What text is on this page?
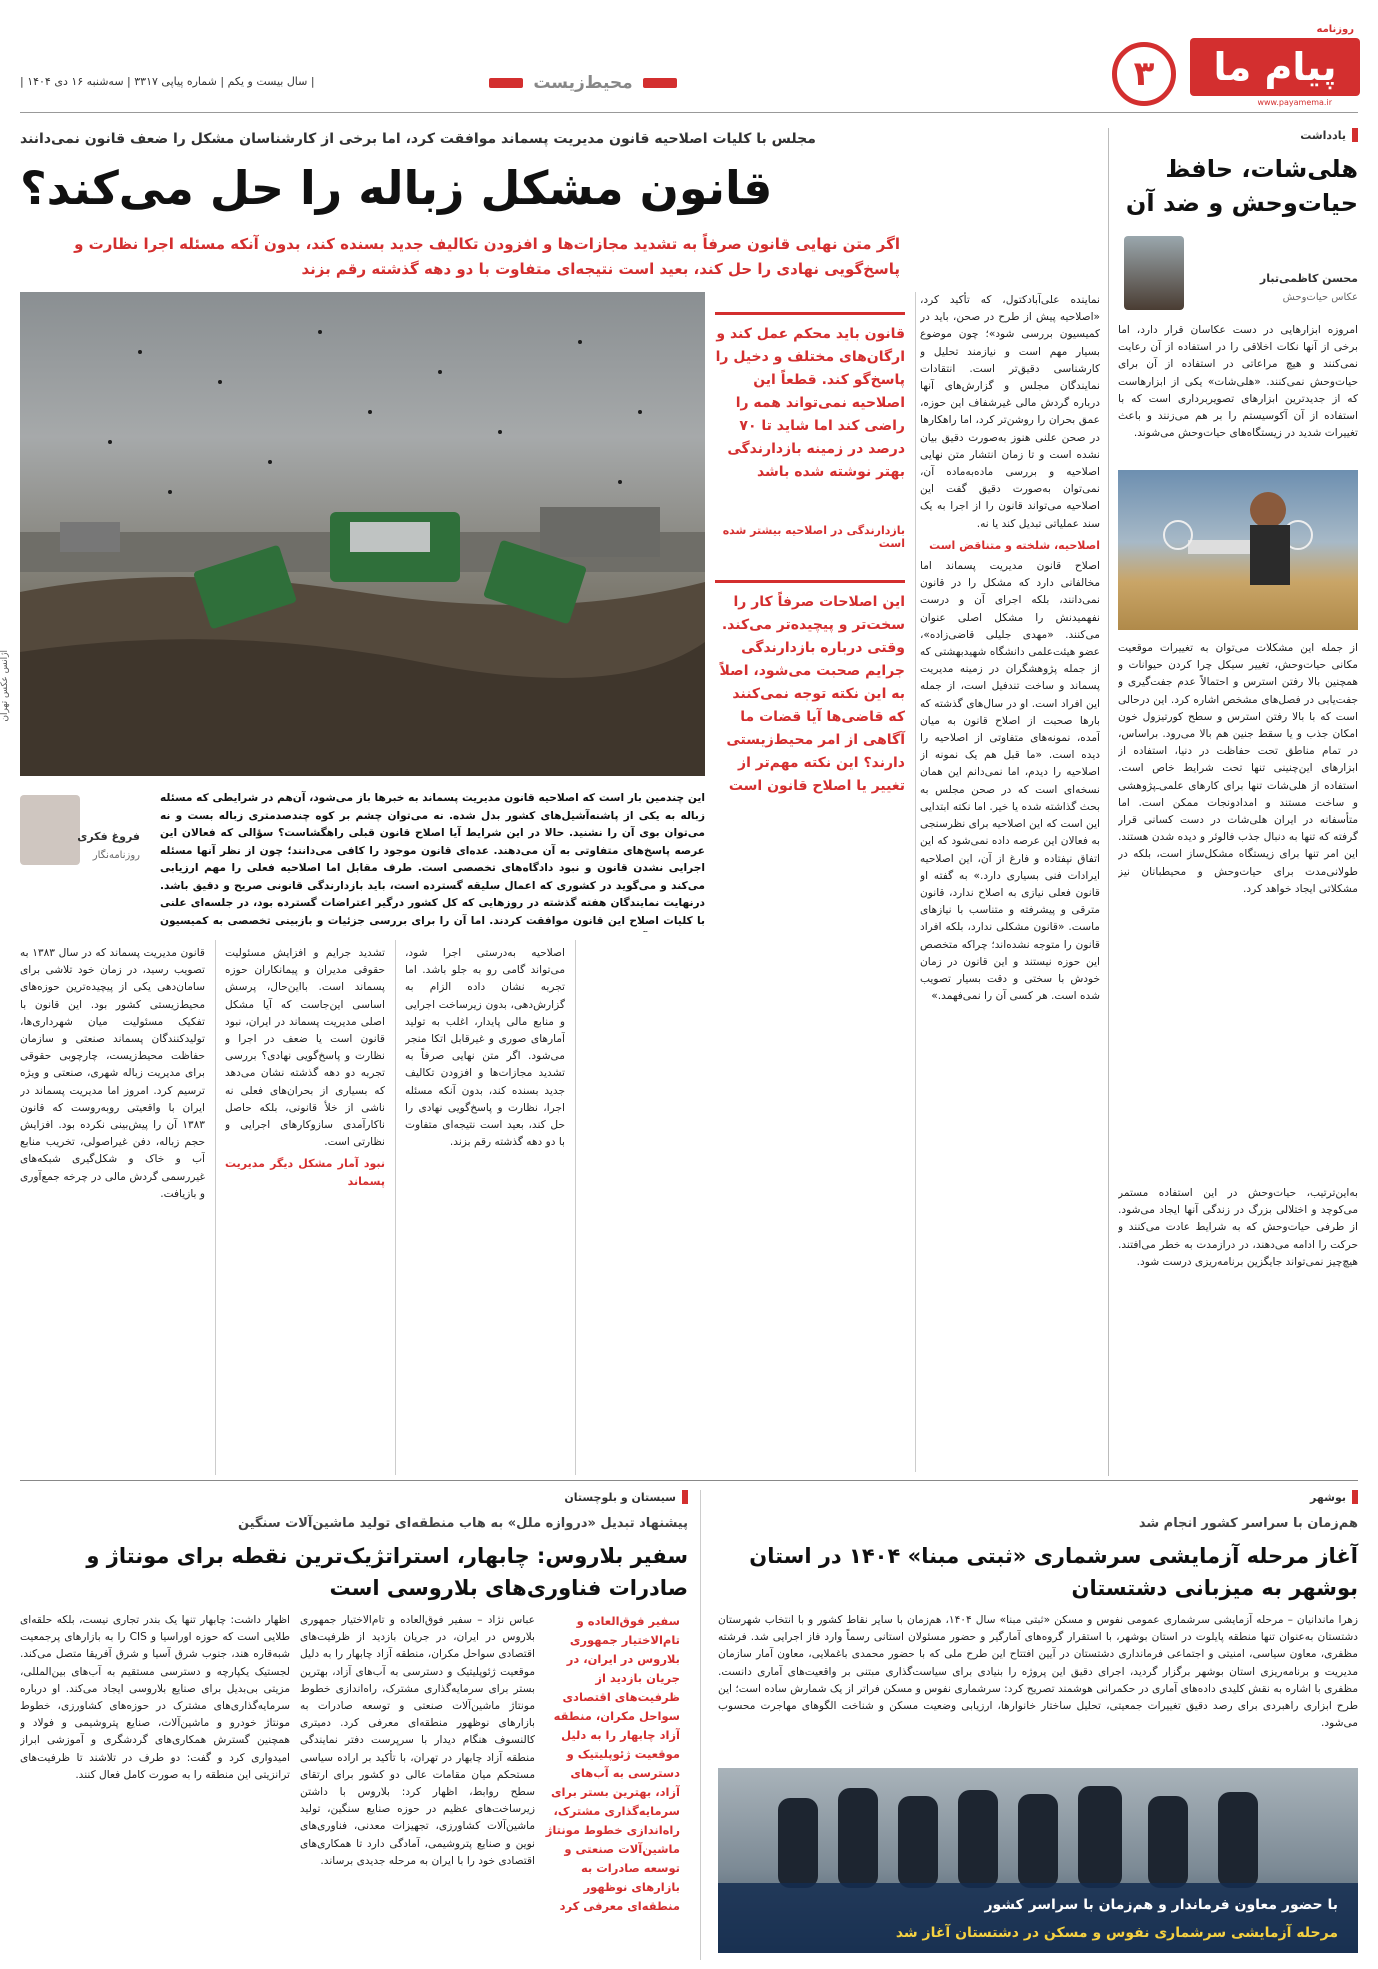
پیام ما
روزنامه
www.payamema.ir
۳
محیط‌زیست
| سال بیست و یکم | شماره پیاپی ۳۳۱۷ | سه‌شنبه ۱۶ دی ۱۴۰۴ |
مجلس با کلیات اصلاحیه قانون مدیریت پسماند موافقت کرد، اما برخی از کارشناسان مشکل را ضعف قانون نمی‌دانند
قانون مشکل زباله را حل می‌کند؟
اگر متن نهایی قانون صرفاً به تشدید مجازات‌ها و افزودن تکالیف جدید بسنده کند، بدون آنکه مسئله اجرا نظارت و پاسخ‌گویی نهادی را حل کند، بعید است نتیجه‌ای متفاوت با دو دهه گذشته رقم بزند
آژانس عکس تهران
فروغ فکری
روزنامه‌نگار
این چندمین بار است که اصلاحیه قانون مدیریت پسماند به خبرها باز می‌شود، آن‌هم در شرایطی که مسئله زباله به یکی از پاشنه‌آشیل‌های کشور بدل شده. نه می‌توان چشم بر کوه چندصدمتری زباله بست و نه می‌توان بوی آن را نشنید. حالا در این شرایط آیا اصلاح قانون قبلی راهگشاست؟ سؤالی که فعالان این عرصه پاسخ‌های متفاوتی به آن می‌دهند. عده‌ای قانون موجود را کافی می‌دانند؛ چون از نظر آنها مسئله اجرایی نشدن قانون و نبود دادگاه‌های تخصصی است. طرف مقابل اما اصلاحیه فعلی را مهم ارزیابی می‌کند و می‌گوید در کشوری که اعمال سلیقه گسترده است، باید بازدارندگی قانونی صریح و دقیق باشد. درنهایت نمایندگان هفته گذشته در روزهایی که کل کشور درگیر اعتراضات گسترده بود، در جلسه‌ای علنی با کلیات اصلاح این قانون موافقت کردند. اما آن را برای بررسی جزئیات و بازبینی تخصصی به کمیسیون
قانون مدیریت پسماند که در سال ۱۳۸۳ به تصویب رسید، در زمان خود تلاشی برای سامان‌دهی یکی از پیچیده‌ترین حوزه‌های محیط‌زیستی کشور بود. این قانون با تفکیک مسئولیت میان شهرداری‌ها، تولیدکنندگان پسماند صنعتی و سازمان حفاظت محیط‌زیست، چارچوبی حقوقی برای مدیریت زباله شهری، صنعتی و ویژه ترسیم کرد. امروز اما مدیریت پسماند در ایران با واقعیتی روبه‌روست که قانون ۱۳۸۳ آن را پیش‌بینی نکرده بود. افزایش حجم زباله، دفن غیراصولی، تخریب منابع آب و خاک و شکل‌گیری شبکه‌های غیررسمی گردش مالی در چرخه جمع‌آوری و بازیافت.

تشدید جرایم و افزایش مسئولیت حقوقی مدیران و پیمانکاران حوزه پسماند است. بااین‌حال، پرسش اساسی این‌جاست که آیا مشکل اصلی مدیریت پسماند در ایران، نبود قانون است یا ضعف در اجرا و نظارت و پاسخ‌گویی نهادی؟ بررسی تجربه دو دهه گذشته نشان می‌دهد که بسیاری از بحران‌های فعلی نه ناشی از خلأ قانونی، بلکه حاصل ناکارآمدی سازوکارهای اجرایی و نظارتی است.

نبود آمار مشکل دیگر مدیریت پسماند
اصلاحیه به‌درستی اجرا شود، می‌تواند گامی رو به جلو باشد. اما تجربه نشان داده الزام به گزارش‌دهی، بدون زیرساخت اجرایی و منابع مالی پایدار، اغلب به تولید آمارهای صوری و غیرقابل اتکا منجر می‌شود. اگر متن نهایی صرفاً به تشدید مجازات‌ها و افزودن تکالیف جدید بسنده کند، بدون آنکه مسئله اجرا، نظارت و پاسخ‌گویی نهادی را حل کند، بعید است نتیجه‌ای متفاوت با دو دهه گذشته رقم بزند.
یادداشت
هلی‌شات، حافظ حیات‌وحش و ضد آن
محسن کاظمی‌تبار
عکاس حیات‌وحش
امروزه ابزارهایی در دست عکاسان قرار دارد، اما برخی از آنها نکات اخلاقی را در استفاده از آن رعایت نمی‌کنند و هیچ مراعاتی در استفاده از آن برای حیات‌وحش نمی‌کنند. «هلی‌شات» یکی از ابزارهاست که از جدیدترین ابزارهای تصویربرداری است که با استفاده از آن آکوسیستم را بر هم می‌زنند و باعث تغییرات شدید در زیستگاه‌های حیات‌وحش می‌شوند.
از جمله این مشکلات می‌توان به تغییرات موقعیت مکانی حیات‌وحش، تغییر سیکل چرا کردن حیوانات و همچنین بالا رفتن استرس و احتمالاً عدم جفت‌گیری و جفت‌یابی در فصل‌های مشخص اشاره کرد. این درحالی است که با بالا رفتن استرس و سطح کورتیزول خون امکان جذب و یا سقط جنین هم بالا می‌رود. براساس، در تمام مناطق تحت حفاظت در دنیا، استفاده از ابزارهای این‌چنینی تنها تحت شرایط خاص است. استفاده از هلی‌شات تنها برای کارهای علمی‌ـ‌پژوهشی و ساخت مستند و امدادونجات ممکن است. اما متأسفانه در ایران هلی‌شات در دست کسانی قرار گرفته که تنها به دنبال جذب فالوئر و دیده شدن هستند. این امر تنها برای زیستگاه مشکل‌ساز است، بلکه در طولانی‌مدت برای حیات‌وحش و محیطبانان نیز مشکلاتی ایجاد خواهد کرد.
به‌این‌ترتیب، حیات‌وحش در این استفاده مستمر می‌کوچد و اختلالی بزرگ در زندگی آنها ایجاد می‌شود. از طرفی حیات‌وحش که به شرایط عادت می‌کنند و حرکت را ادامه می‌دهند، در درازمدت به خطر می‌افتند. هیچ‌چیز نمی‌تواند جایگزین برنامه‌ریزی درست شود.
بوشهر
هم‌زمان با سراسر کشور انجام شد
آغاز مرحله آزمایشی سرشماری «ثبتی مبنا» ۱۴۰۴ در استان بوشهر به میزبانی دشتستان
زهرا ماندانیان – مرحله آزمایشی سرشماری عمومی نفوس و مسکن «ثبتی مبنا» سال ۱۴۰۴، هم‌زمان با سایر نقاط کشور و با انتخاب شهرستان دشتستان به‌عنوان تنها منطقه پایلوت در استان بوشهر، با استقرار گروه‌های آمارگیر و حضور مسئولان استانی رسماً وارد فاز اجرایی شد. فرشته مظفری، معاون سیاسی، امنیتی و اجتماعی فرمانداری دشتستان در آیین افتتاح این طرح ملی که با حضور محمدی باغملایی، معاون آمار سازمان مدیریت و برنامه‌ریزی استان بوشهر برگزار گردید، اجرای دقیق این پروژه را بنیادی برای سیاست‌گذاری مبتنی بر واقعیت‌های آماری دانست. مظفری با اشاره به نقش کلیدی داده‌های آماری در حکمرانی هوشمند تصریح کرد: سرشماری نفوس و مسکن فراتر از یک شمارش ساده است؛ این طرح ابزاری راهبردی برای رصد دقیق تغییرات جمعیتی، تحلیل ساختار خانوارها، ارزیابی وضعیت مسکن و شناخت الگوهای مهاجرت محسوب می‌شود.
با حضور معاون فرماندار و هم‌زمان با سراسر کشور
مرحله آزمایشی سرشماری نفوس و مسکن در دشتستان آغاز شد
سیستان و بلوچستان
پیشنهاد تبدیل «دروازه ملل» به هاب منطقه‌ای تولید ماشین‌آلات سنگین
سفیر بلاروس: چابهار، استراتژیک‌ترین نقطه برای مونتاژ و صادرات فناوری‌های بلاروسی است
سفیر فوق‌العاده و تام‌الاختیار جمهوری بلاروس در ایران، در جریان بازدید از ظرفیت‌های اقتصادی سواحل مکران، منطقه آزاد چابهار را به دلیل موقعیت ژئوپلیتیک و دسترسی به آب‌های آزاد، بهترین بستر برای سرمایه‌گذاری مشترک، راه‌اندازی خطوط مونتاژ ماشین‌آلات صنعتی و توسعه صادرات به بازارهای نوظهور منطقه‌ای معرفی کرد
عباس نژاد – سفیر فوق‌العاده و تام‌الاختیار جمهوری بلاروس در ایران، در جریان بازدید از ظرفیت‌های اقتصادی سواحل مکران، منطقه آزاد چابهار را به دلیل موقعیت ژئوپلیتیک و دسترسی به آب‌های آزاد، بهترین بستر برای سرمایه‌گذاری مشترک، راه‌اندازی خطوط مونتاژ ماشین‌آلات صنعتی و توسعه صادرات به بازارهای نوظهور منطقه‌ای معرفی کرد. دمیتری کالنسوف هنگام دیدار با سرپرست دفتر نمایندگی منطقه آزاد چابهار در تهران، با تأکید بر اراده سیاسی مستحکم میان مقامات عالی دو کشور برای ارتقای سطح روابط، اظهار کرد: بلاروس با داشتن زیرساخت‌های عظیم در حوزه صنایع سنگین، تولید ماشین‌آلات کشاورزی، تجهیزات معدنی، فناوری‌های نوین و صنایع پتروشیمی، آمادگی دارد تا همکاری‌های اقتصادی خود را با ایران به مرحله جدیدی برساند.
اظهار داشت: چابهار تنها یک بندر تجاری نیست، بلکه حلقه‌ای طلایی است که حوزه اوراسیا و CIS را به بازارهای پرجمعیت شبه‌قاره هند، جنوب شرق آسیا و شرق آفریقا متصل می‌کند. لجستیک یکپارچه و دسترسی مستقیم به آب‌های بین‌المللی، مزیتی بی‌بدیل برای صنایع بلاروسی ایجاد می‌کند. او درباره سرمایه‌گذاری‌های مشترک در حوزه‌های کشاورزی، خطوط مونتاژ خودرو و ماشین‌آلات، صنایع پتروشیمی و فولاد و همچنین گسترش همکاری‌های گردشگری و آموزشی ابراز امیدواری کرد و گفت: دو طرف در تلاشند تا ظرفیت‌های ترانزیتی این منطقه را به صورت کامل فعال کنند.

نماینده علی‌آبادکتول، که تأکید کرد، «اصلاحیه پیش از طرح در صحن، باید در کمیسیون بررسی شود»؛ چون موضوع بسیار مهم است و نیازمند تحلیل و کارشناسی دقیق‌تر است. انتقادات نمایندگان مجلس و گزارش‌های آنها درباره گردش مالی غیرشفاف این حوزه، عمق بحران را روشن‌تر کرد، اما راهکارها در صحن علنی هنوز به‌صورت دقیق بیان نشده است و تا زمان انتشار متن نهایی اصلاحیه و بررسی ماده‌به‌ماده آن، نمی‌توان به‌صورت دقیق گفت این اصلاحیه می‌تواند قانون را از اجرا به یک سند عملیاتی تبدیل کند یا نه.

اصلاحیه، شلخته و متناقض است

اصلاح قانون مدیریت پسماند اما مخالفانی دارد که مشکل را در قانون نمی‌دانند، بلکه اجرای آن و درست نفهمیدنش را مشکل اصلی عنوان می‌کنند. «مهدی جلیلی قاضی‌زاده»، عضو هیئت‌علمی دانشگاه شهیدبهشتی که از جمله پژوهشگران در زمینه مدیریت پسماند و ساخت تندفیل است، از جمله این افراد است. او در سال‌های گذشته که بارها صحبت از اصلاح قانون به میان آمده، نمونه‌های متفاوتی از اصلاحیه را دیده است. «ما قبل هم یک نمونه از اصلاحیه را دیدم، اما نمی‌دانم این همان نسخه‌ای است که در صحن مجلس به بحث گذاشته شده یا خیر. اما نکته ابتدایی این است که این اصلاحیه برای نظرسنجی به فعالان این عرصه داده نمی‌شود که این اتفاق نپفتاده و فارغ از آن، این اصلاحیه ایرادات فنی بسیاری دارد.» به گفته او قانون فعلی نیازی به اصلاح ندارد، قانون مترقی و پیشرفته و متناسب با نیازهای ماست. «قانون مشکلی ندارد، بلکه افراد قانون را متوجه نشده‌اند؛ چراکه متخصص این حوزه نیستند و این قانون در زمان خودش با سختی و دقت بسیار تصویب شده است. هر کسی آن را نمی‌فهمد.»

قانون باید محکم عمل کند و ارگان‌های مختلف و دخیل را پاسخ‌گو کند. قطعاً این اصلاحیه نمی‌تواند همه را راضی کند اما شاید تا ۷۰ درصد در زمینه بازدارندگی بهتر نوشته شده باشد
بازدارندگی در اصلاحیه بیشتر شده است
این اصلاحات صرفاً کار را سخت‌تر و پیچیده‌تر می‌کند. وقتی درباره بازدارندگی جرایم صحبت می‌شود، اصلاً به این نکته توجه نمی‌کنند که قاضی‌ها آیا قضات ما آگاهی از امر محیط‌زیستی دارند؟ این نکته مهم‌تر از تغییر یا اصلاح قانون است
